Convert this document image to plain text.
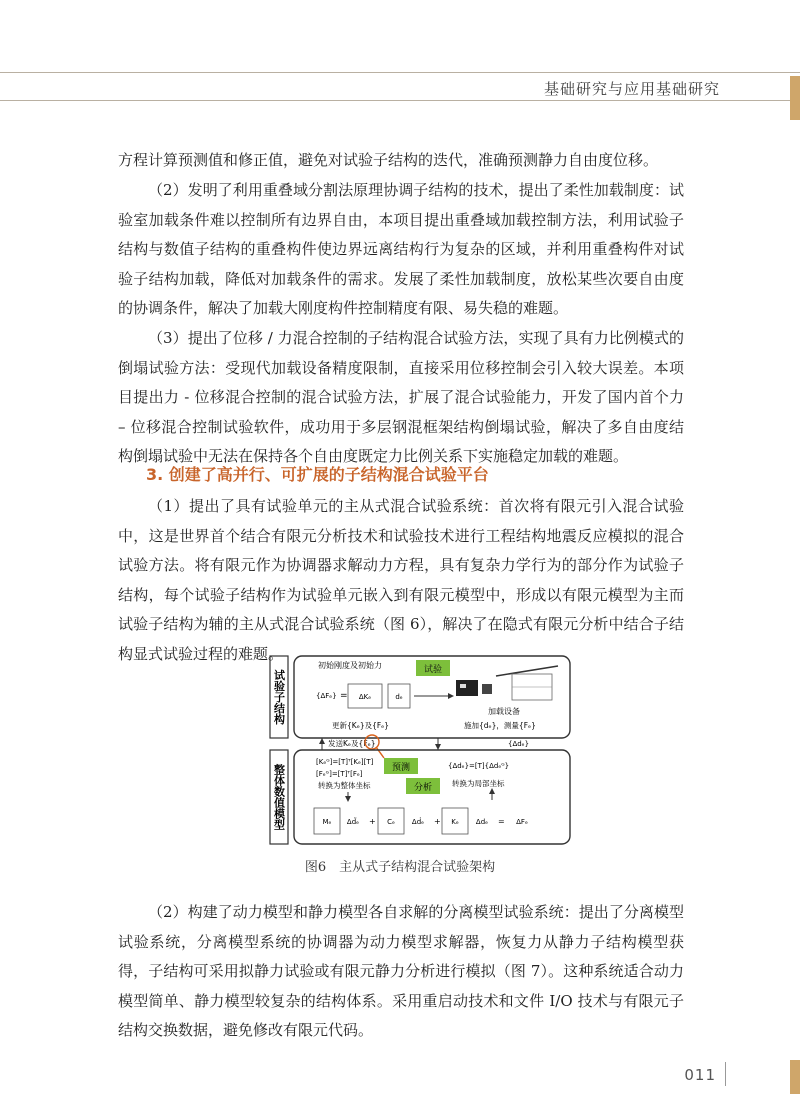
基础研究与应用基础研究

方程计算预测值和修正值，避免对试验子结构的迭代，准确预测静力自由度位移。

（2）发明了利用重叠域分割法原理协调子结构的技术，提出了柔性加载制度：试验室加载条件难以控制所有边界自由，本项目提出重叠域加载控制方法，利用试验子结构与数值子结构的重叠构件使边界远离结构行为复杂的区域，并利用重叠构件对试验子结构加载，降低对加载条件的需求。发展了柔性加载制度，放松某些次要自由度的协调条件，解决了加载大刚度构件控制精度有限、易失稳的难题。

（3）提出了位移 / 力混合控制的子结构混合试验方法，实现了具有力比例模式的倒塌试验方法：受现代加载设备精度限制，直接采用位移控制会引入较大误差。本项目提出力 - 位移混合控制的混合试验方法，扩展了混合试验能力，开发了国内首个力 – 位移混合控制试验软件，成功用于多层钢混框架结构倒塌试验，解决了多自由度结构倒塌试验中无法在保持各个自由度既定力比例关系下实施稳定加载的难题。

3. 创建了高并行、可扩展的子结构混合试验平台

（1）提出了具有试验单元的主从式混合试验系统：首次将有限元引入混合试验中，这是世界首个结合有限元分析技术和试验技术进行工程结构地震反应模拟的混合试验方法。将有限元作为协调器求解动力方程，具有复杂力学行为的部分作为试验子结构，每个试验子结构作为试验单元嵌入到有限元模型中，形成以有限元模型为主而试验子结构为辅的主从式混合试验系统（图 6），解决了在隐式有限元分析中结合子结构显式试验过程的难题。

试验子结构
整体数值模型
初始刚度及初始力	试验
{ΔFₑ} = ΔKₑ	dₑ
加载设备
更新{Kₑ}及{Fₑ}	施加{dₑ}，测量{Fₑ}
发送Kₑ及{Fₑ}	{Δdₑ}
[Kₑᴳ]=[T]ᵀ[Kₑ][T]
[Fₑᴳ]=[T]ᵀ[Fₑ]
预测	{Δdₑ}=[T]{Δdₑᴳ}
转换为整体坐标	分析	转换为局部坐标
Mₑ Δd̈ₑ + Cₑ Δḋₑ + Kₑ Δdₑ = ΔFₑ
图6　主从式子结构混合试验架构

（2）构建了动力模型和静力模型各自求解的分离模型试验系统：提出了分离模型试验系统，分离模型系统的协调器为动力模型求解器，恢复力从静力子结构模型获得，子结构可采用拟静力试验或有限元静力分析进行模拟（图 7）。这种系统适合动力模型简单、静力模型较复杂的结构体系。采用重启动技术和文件 I/O 技术与有限元子结构交换数据，避免修改有限元代码。

011
